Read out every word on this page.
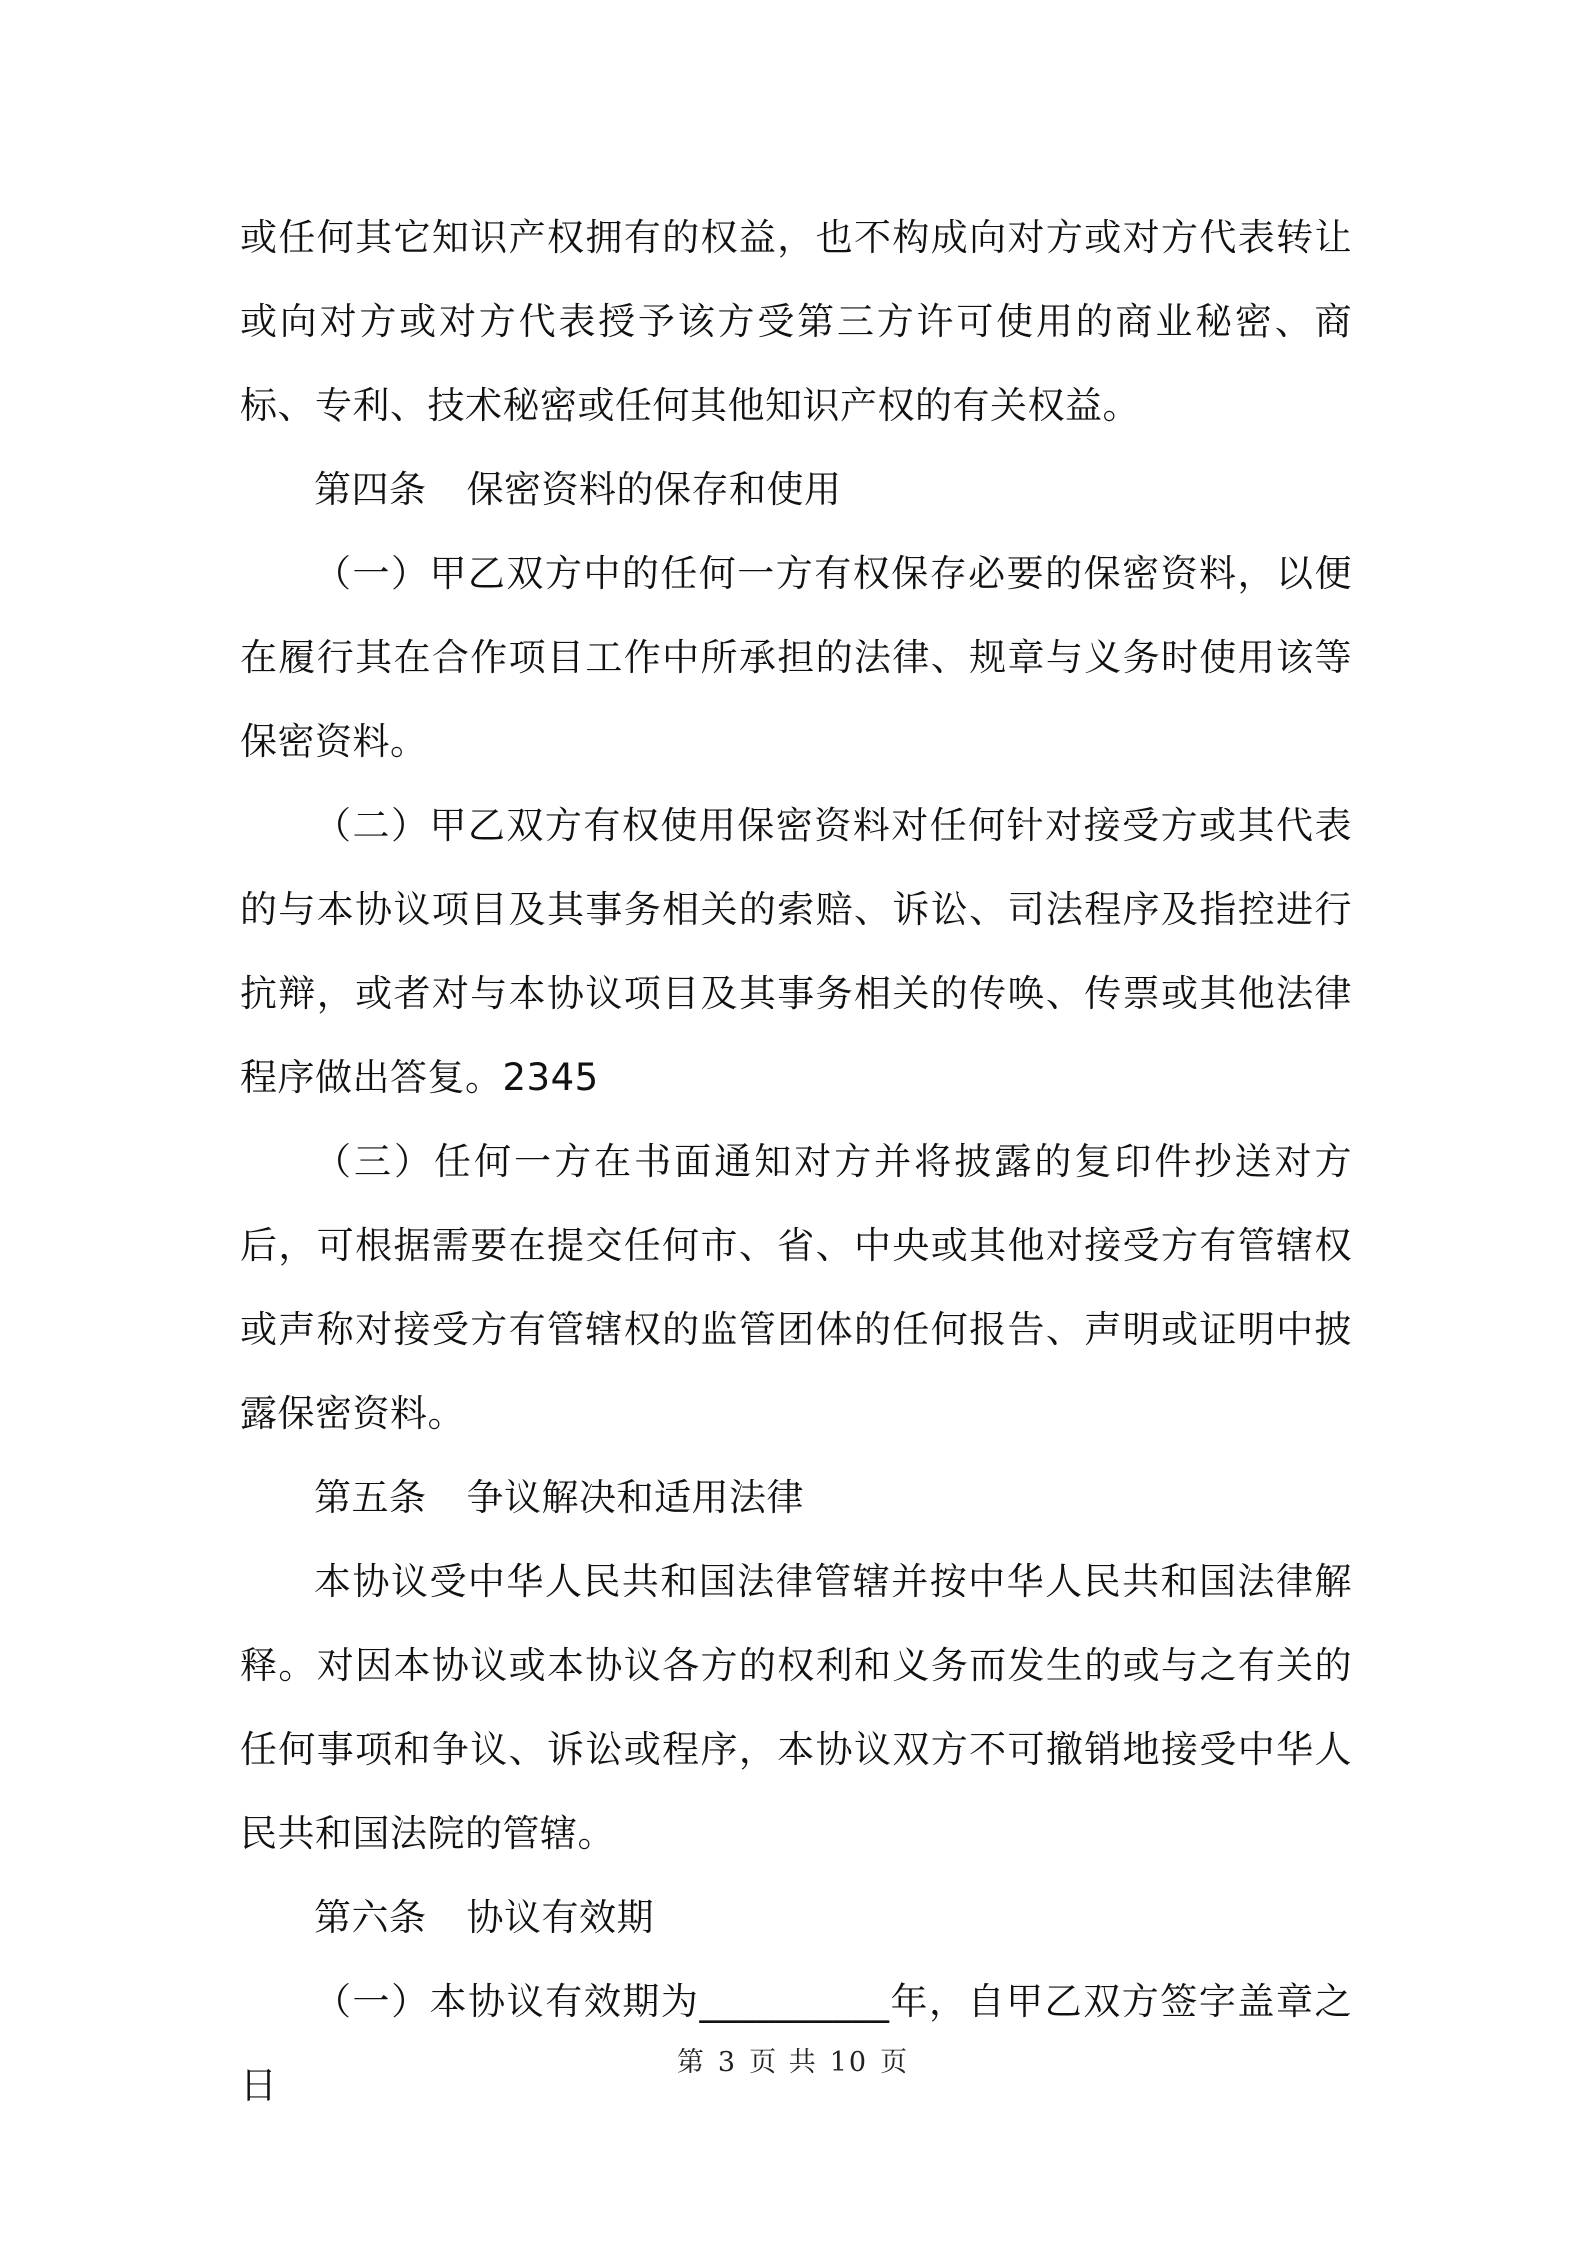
或任何其它知识产权拥有的权益，也不构成向对方或对方代表转让或向对方或对方代表授予该方受第三方许可使用的商业秘密、商标、专利、技术秘密或任何其他知识产权的有关权益。

第四条 保密资料的保存和使用

（一）甲乙双方中的任何一方有权保存必要的保密资料，以便在履行其在合作项目工作中所承担的法律、规章与义务时使用该等保密资料。

（二）甲乙双方有权使用保密资料对任何针对接受方或其代表的与本协议项目及其事务相关的索赔、诉讼、司法程序及指控进行抗辩，或者对与本协议项目及其事务相关的传唤、传票或其他法律程序做出答复。2345

（三）任何一方在书面通知对方并将披露的复印件抄送对方后，可根据需要在提交任何市、省、中央或其他对接受方有管辖权或声称对接受方有管辖权的监管团体的任何报告、声明或证明中披露保密资料。

第五条 争议解决和适用法律

本协议受中华人民共和国法律管辖并按中华人民共和国法律解释。对因本协议或本协议各方的权利和义务而发生的或与之有关的任何事项和争议、诉讼或程序，本协议双方不可撤销地接受中华人民共和国法院的管辖。

第六条 协议有效期

（一）本协议有效期为__________年，自甲乙双方签字盖章之日

第 3 页 共 10 页
